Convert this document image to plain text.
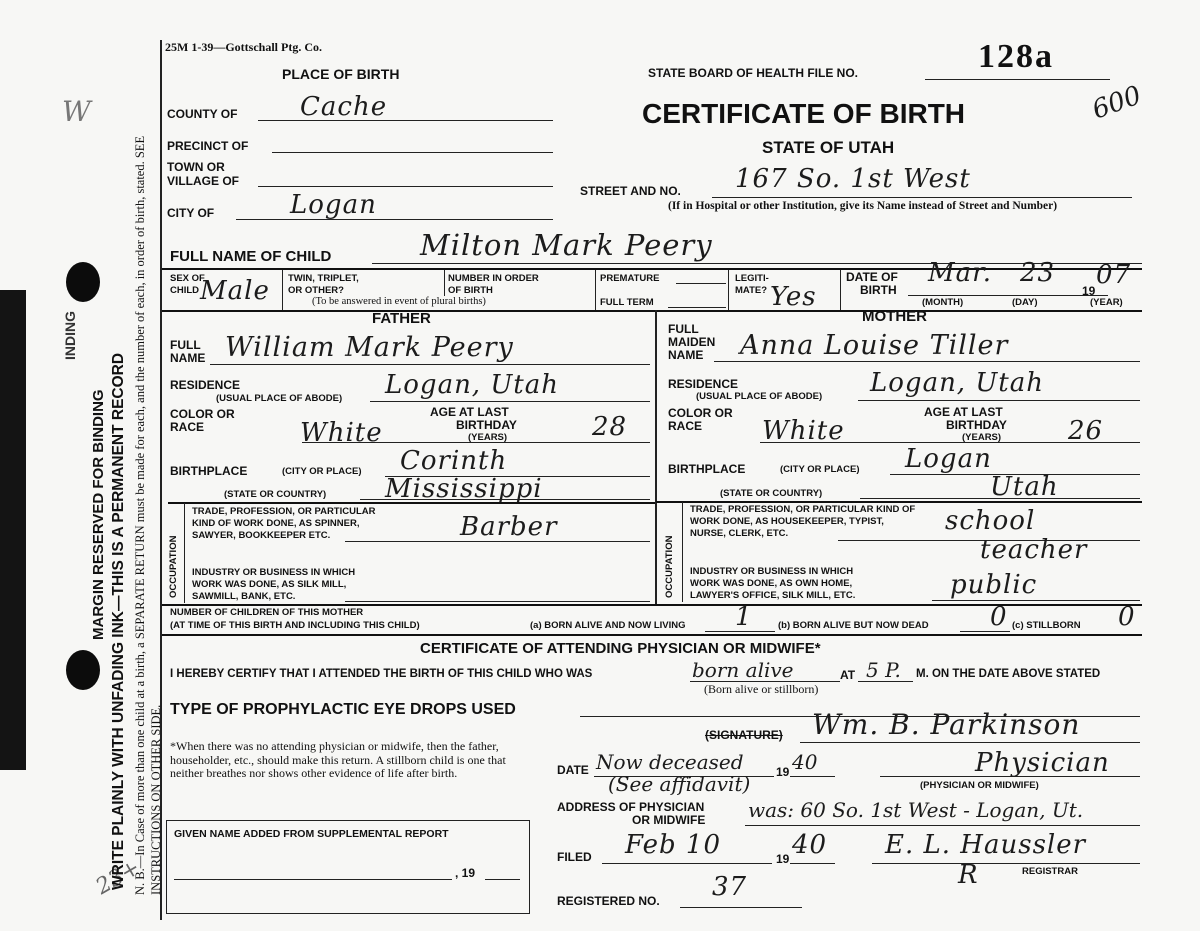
W	600
23+
INDING
MARGIN RESERVED FOR BINDING WRITE PLAINLY WITH UNFADING INK—THIS IS A PERMANENT RECORD N. B.—In Case of more than one child at a birth, a SEPARATE RETURN must be made for each, and the number of each, in order of birth, stated. SEE INSTRUCTIONS ON OTHER SIDE.
25M 1-39—Gottschall Ptg. Co.
PLACE OF BIRTH
COUNTY OF Cache
PRECINCT OF
TOWN OR
VILLAGE OF
CITY OF	Logan
STATE BOARD OF HEALTH FILE NO.	128a
CERTIFICATE OF BIRTH
STATE OF UTAH
STREET AND NO. 167 So. 1st West
(If in Hospital or other Institution, give its Name instead of Street and Number)
FULL NAME OF CHILD	Milton Mark Peery
SEX OF
CHILD Male TWIN, TRIPLET,
OR OTHER?
(To be answered in event of plural births)
NUMBER IN ORDER
OF BIRTH
PREMATURE
FULL TERM
LEGITI-
MATE? Yes
DATE OF
BIRTH
Mar. 23
19
07
(MONTH)	(DAY)	(YEAR)
FATHER	MOTHER
FULL
NAME William Mark Peery
RESIDENCE
(USUAL PLACE OF ABODE) Logan, Utah
COLOR OR
RACE	White
AGE AT LAST
BIRTHDAY
(YEARS)	28
BIRTHPLACE	(CITY OR PLACE) Corinth
(STATE OR COUNTRY) Mississippi
OCCUPATION
TRADE, PROFESSION, OR PARTICULAR
KIND OF WORK DONE, AS SPINNER,
SAWYER, BOOKKEEPER ETC.	Barber
INDUSTRY OR BUSINESS IN WHICH
WORK WAS DONE, AS SILK MILL,
SAWMILL, BANK, ETC.
FULL
MAIDEN
NAME Anna Louise Tiller
RESIDENCE
(USUAL PLACE OF ABODE) Logan, Utah
COLOR OR
RACE White
AGE AT LAST
BIRTHDAY
(YEARS)	26
BIRTHPLACE	(CITY OR PLACE) Logan
(STATE OR COUNTRY)	Utah
OCCUPATION
TRADE, PROFESSION, OR PARTICULAR KIND OF
WORK DONE, AS HOUSEKEEPER, TYPIST,
NURSE, CLERK, ETC.	school
teacher
INDUSTRY OR BUSINESS IN WHICH
WORK WAS DONE, AS OWN HOME,
LAWYER'S OFFICE, SILK MILL, ETC.	public
NUMBER OF CHILDREN OF THIS MOTHER
(AT TIME OF THIS BIRTH AND INCLUDING THIS CHILD)	(a) BORN ALIVE AND NOW LIVING 1	(b) BORN ALIVE BUT NOW DEAD 0 (c) STILLBORN 0
CERTIFICATE OF ATTENDING PHYSICIAN OR MIDWIFE*
I HEREBY CERTIFY THAT I ATTENDED THE BIRTH OF THIS CHILD WHO WAS	born alive	AT 5 P. M. ON THE DATE ABOVE STATED
(Born alive or stillborn)
TYPE OF PROPHYLACTIC EYE DROPS USED
(SIGNATURE) Wm. B. Parkinson
*When there was no attending physician or midwife, then the father, householder, etc., should make this return. A stillborn child is one that neither breathes nor shows other evidence of life after birth.	DATE Now deceased	19 40
(See affidavit)
Physician
(PHYSICIAN OR MIDWIFE)
ADDRESS OF PHYSICIAN
OR MIDWIFE was: 60 So. 1st West - Logan, Ut.
GIVEN NAME ADDED FROM SUPPLEMENTAL REPORT
, 19
FILED Feb 10	19 40 E. L. Haussler
R	REGISTRAR
REGISTERED NO. 37
